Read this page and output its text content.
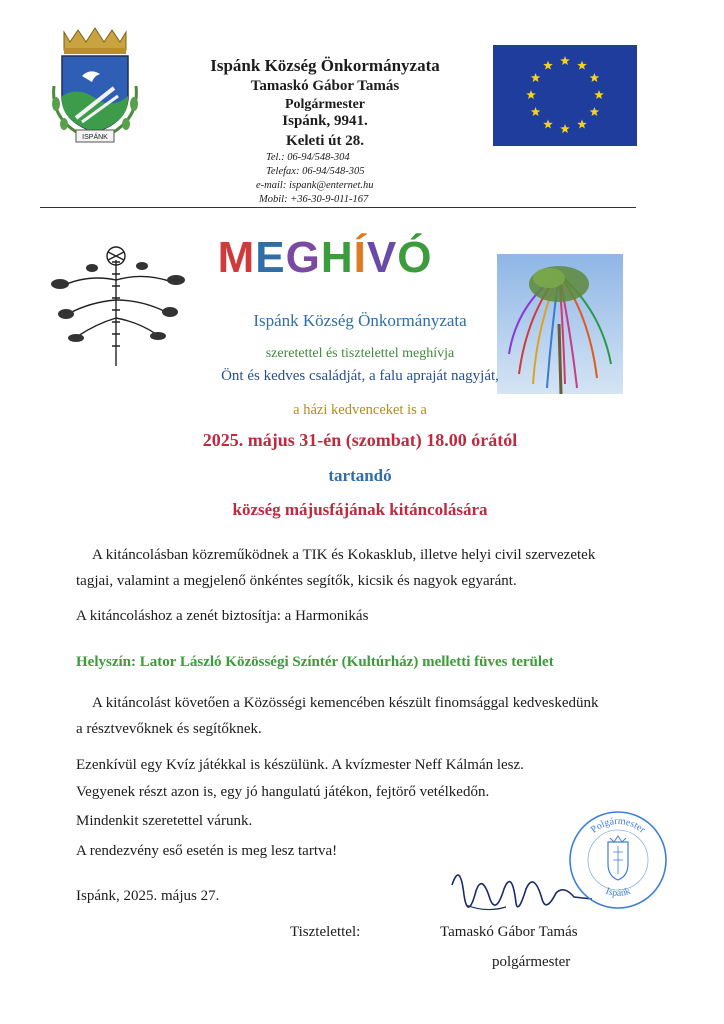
ISPÁNK
Ispánk Község Önkormányzata
Tamaskó Gábor Tamás
Polgármester
Ispánk, 9941.
Keleti út 28.
Tel.: 06-94/548-304
Telefax: 06-94/548-305
e-mail: ispank@enternet.hu
Mobil: +36-30-9-011-167
MEGHÍVÓ
Ispánk Község Önkormányzata
szeretettel és tisztelettel meghívja
Önt és kedves családját, a falu apraját nagyját,
a házi kedvenceket is a
2025. május 31-én (szombat) 18.00 órától
tartandó
község májusfájának kitáncolására
A kitáncolásban közreműködnek a TIK és Kokasklub, illetve helyi civil szervezetek
tagjai, valamint a megjelenő önkéntes segítők, kicsik és nagyok egyaránt.
A kitáncoláshoz a zenét biztosítja: a Harmonikás
Helyszín: Lator László Közösségi Színtér (Kultúrház) melletti füves terület
A kitáncolást követően a Közösségi kemencében készült finomsággal kedveskedünk
a résztvevőknek és segítőknek.
Ezenkívül egy Kvíz játékkal is készülünk. A kvízmester Neff Kálmán lesz.
Vegyenek részt azon is, egy jó hangulatú játékon, fejtörő vetélkedőn.
Mindenkit szeretettel várunk.
A rendezvény eső esetén is meg lesz tartva!
Ispánk, 2025. május 27.
Tisztelettel:	Tamaskó Gábor Tamás
polgármester
Polgármester
Ispánk
